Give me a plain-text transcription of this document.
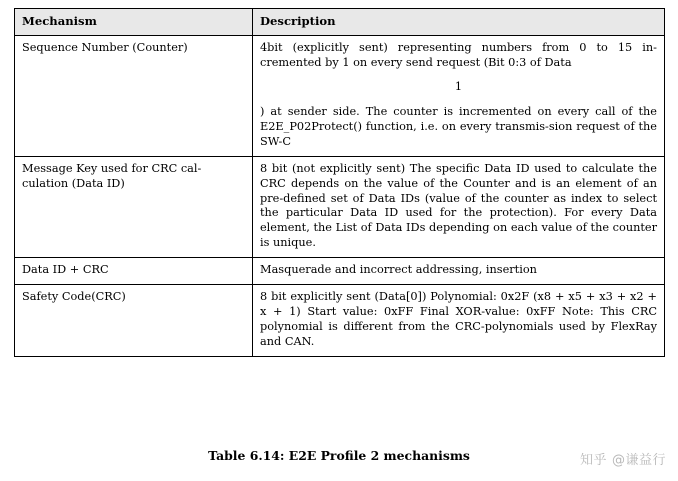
Mechanism	Description
Sequence Number (Counter)	4bit (explicitly sent) representing numbers from 0 to 15 in-cremented by 1 on every send request (Bit 0:3 of Data

1

) at sender side. The counter is incremented on every call of the E2E_P02Protect() function, i.e. on every transmis-sion request of the SW-C

Message Key used for CRC cal-culation (Data ID)	8 bit (not explicitly sent) The specific Data ID used to calculate the CRC depends on the value of the Counter and is an element of an pre-defined set of Data IDs (value of the counter as index to select the particular Data ID used for the protection). For every Data element, the List of Data IDs depending on each value of the counter is unique.

Data ID + CRC	Masquerade and incorrect addressing, insertion

Safety Code(CRC)	8 bit explicitly sent (Data[0]) Polynomial: 0x2F (x8 + x5 + x3 + x2 + x + 1) Start value: 0xFF Final XOR-value: 0xFF Note: This CRC polynomial is different from the CRC-polynomials used by FlexRay and CAN.

Table 6.14: E2E Profile 2 mechanisms	知乎 @谦益行
